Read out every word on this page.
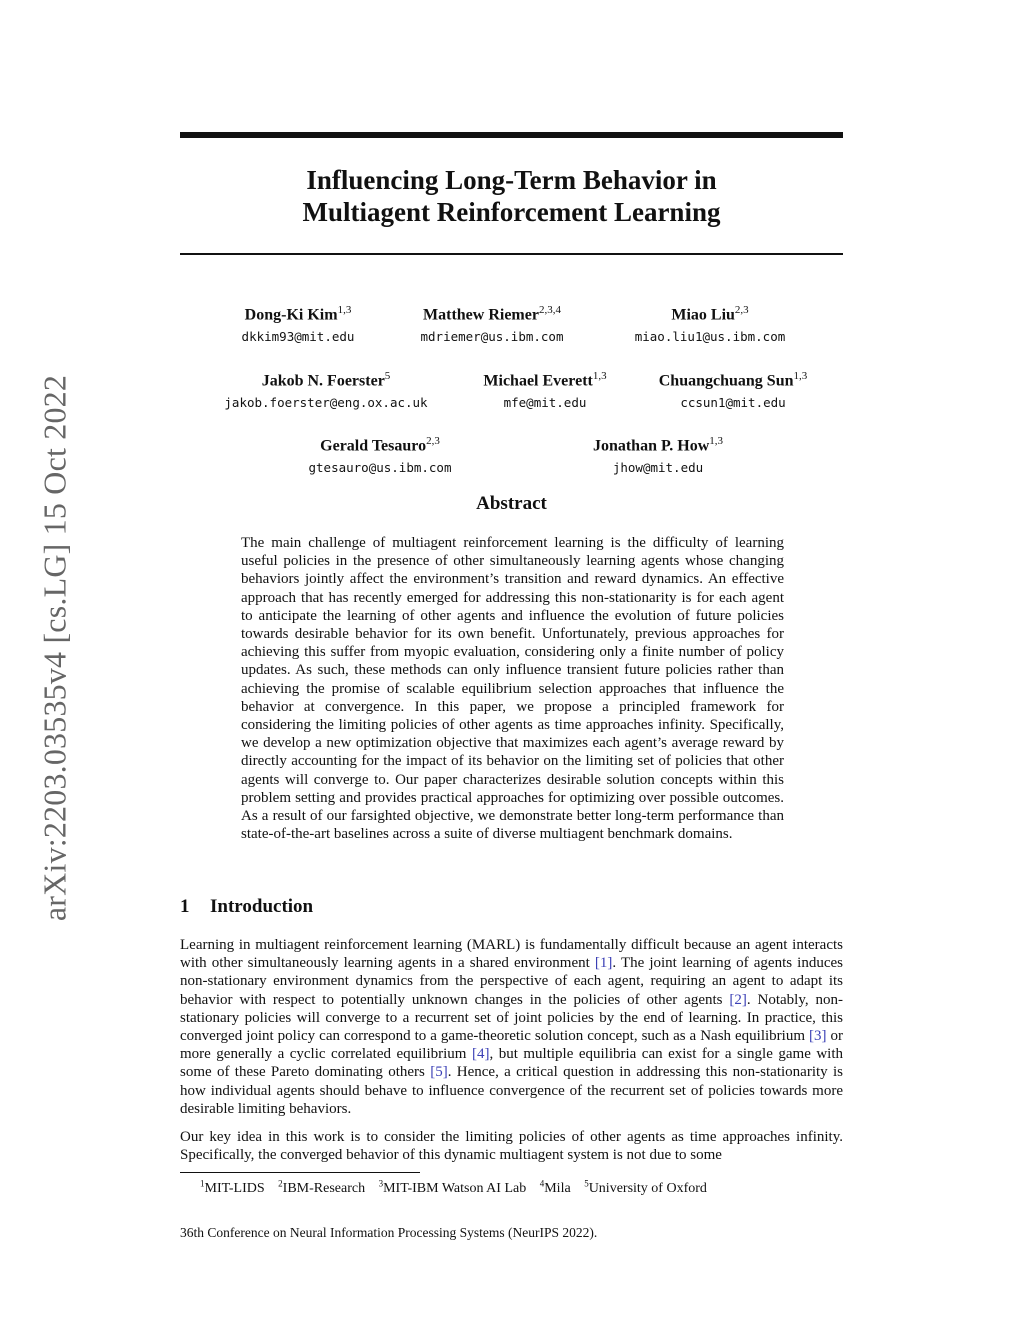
arXiv:2203.03535v4 [cs.LG] 15 Oct 2022
Influencing Long-Term Behavior in
Multiagent Reinforcement Learning
Dong-Ki Kim$^{1,3}$
dkkim93@mit.edu
Matthew Riemer$^{2,3,4}$
mdriemer@us.ibm.com
Miao Liu$^{2,3}$
miao.liu1@us.ibm.com
Jakob N. Foerster$^5$
jakob.foerster@eng.ox.ac.uk
Michael Everett$^{1,3}$
mfe@mit.edu
Chuangchuang Sun$^{1,3}$
ccsun1@mit.edu
Gerald Tesauro$^{2,3}$
gtesauro@us.ibm.com
Jonathan P. How$^{1,3}$
jhow@mit.edu
Abstract
The main challenge of multiagent reinforcement learning is the difficulty of learning useful policies in the presence of other simultaneously learning agents whose changing behaviors jointly affect the environment’s transition and reward dynamics. An effective approach that has recently emerged for addressing this non-stationarity is for each agent to anticipate the learning of other agents and influence the evolution of future policies towards desirable behavior for its own benefit. Unfortunately, previous approaches for achieving this suffer from myopic evaluation, considering only a finite number of policy updates. As such, these methods can only influence transient future policies rather than achieving the promise of scalable equilibrium selection approaches that influence the behavior at convergence. In this paper, we propose a principled framework for considering the limiting policies of other agents as time approaches infinity. Specifically, we develop a new optimization objective that maximizes each agent’s average reward by directly accounting for the impact of its behavior on the limiting set of policies that other agents will converge to. Our paper characterizes desirable solution concepts within this problem setting and provides practical approaches for optimizing over possible outcomes. As a result of our farsighted objective, we demonstrate better long-term performance than state-of-the-art baselines across a suite of diverse multiagent benchmark domains.
1 Introduction
Learning in multiagent reinforcement learning (MARL) is fundamentally difficult because an agent interacts with other simultaneously learning agents in a shared environment [1]. The joint learning of agents induces non-stationary environment dynamics from the perspective of each agent, requiring an agent to adapt its behavior with respect to potentially unknown changes in the policies of other agents [2]. Notably, non-stationary policies will converge to a recurrent set of joint policies by the end of learning. In practice, this converged joint policy can correspond to a game-theoretic solution concept, such as a Nash equilibrium [3] or more generally a cyclic correlated equilibrium [4], but multiple equilibria can exist for a single game with some of these Pareto dominating others [5]. Hence, a critical question in addressing this non-stationarity is how individual agents should behave to influence convergence of the recurrent set of policies towards more desirable limiting behaviors.
Our key idea in this work is to consider the limiting policies of other agents as time approaches infinity. Specifically, the converged behavior of this dynamic multiagent system is not due to some
$^1$MIT-LIDS $^2$IBM-Research $^3$MIT-IBM Watson AI Lab $^4$Mila $^5$University of Oxford
36th Conference on Neural Information Processing Systems (NeurIPS 2022).
